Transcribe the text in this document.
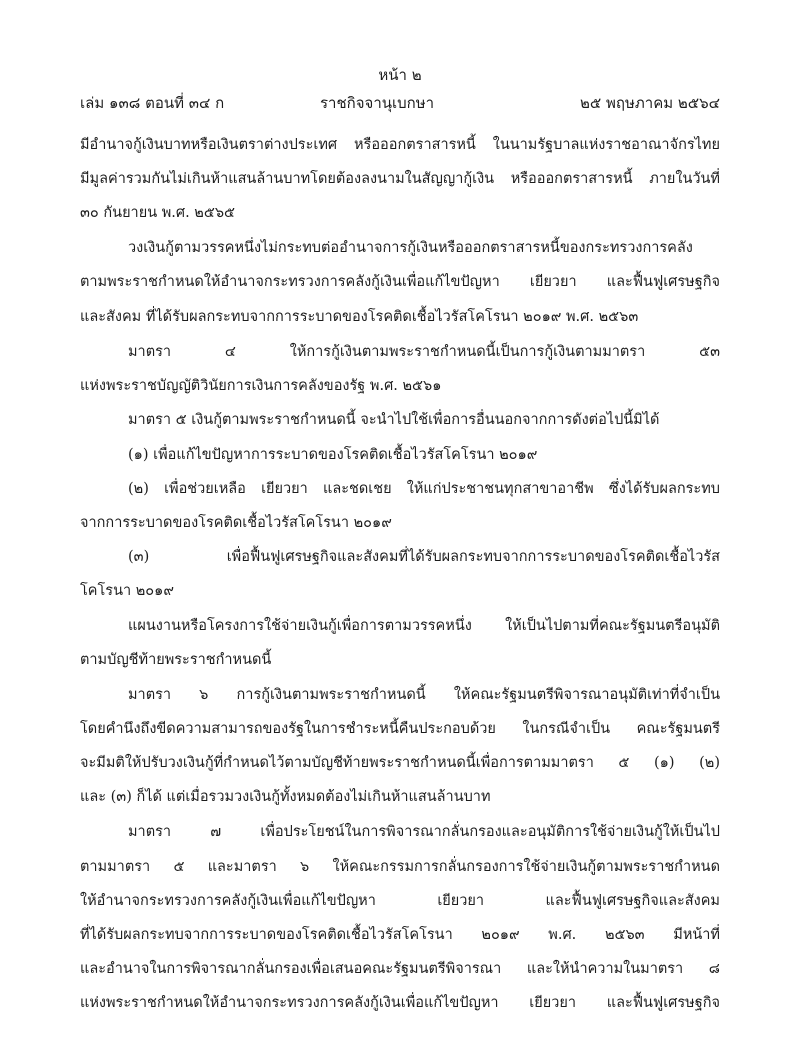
หน้า ๒
เล่ม ๑๓๘ ตอนที่ ๓๔ ก	ราชกิจจานุเบกษา	๒๕ พฤษภาคม ๒๕๖๔
มีอำนาจกู้เงินบาทหรือเงินตราต่างประเทศ หรือออกตราสารหนี้ ในนามรัฐบาลแห่งราชอาณาจักรไทย
มีมูลค่ารวมกันไม่เกินห้าแสนล้านบาทโดยต้องลงนามในสัญญากู้เงิน หรือออกตราสารหนี้ ภายในวันที่
๓๐ กันยายน พ.ศ. ๒๕๖๕
วงเงินกู้ตามวรรคหนึ่งไม่กระทบต่ออำนาจการกู้เงินหรือออกตราสารหนี้ของกระทรวงการคลัง
ตามพระราชกำหนดให้อำนาจกระทรวงการคลังกู้เงินเพื่อแก้ไขปัญหา เยียวยา และฟื้นฟูเศรษฐกิจ
และสังคม ที่ได้รับผลกระทบจากการระบาดของโรคติดเชื้อไวรัสโคโรนา ๒๐๑๙ พ.ศ. ๒๕๖๓
มาตรา ๔ ให้การกู้เงินตามพระราชกำหนดนี้เป็นการกู้เงินตามมาตรา ๕๓
แห่งพระราชบัญญัติวินัยการเงินการคลังของรัฐ พ.ศ. ๒๕๖๑
มาตรา ๕ เงินกู้ตามพระราชกำหนดนี้ จะนำไปใช้เพื่อการอื่นนอกจากการดังต่อไปนี้มิได้
(๑) เพื่อแก้ไขปัญหาการระบาดของโรคติดเชื้อไวรัสโคโรนา ๒๐๑๙
(๒) เพื่อช่วยเหลือ เยียวยา และชดเชย ให้แก่ประชาชนทุกสาขาอาชีพ ซึ่งได้รับผลกระทบ
จากการระบาดของโรคติดเชื้อไวรัสโคโรนา ๒๐๑๙
(๓) เพื่อฟื้นฟูเศรษฐกิจและสังคมที่ได้รับผลกระทบจากการระบาดของโรคติดเชื้อไวรัส
โคโรนา ๒๐๑๙
แผนงานหรือโครงการใช้จ่ายเงินกู้เพื่อการตามวรรคหนึ่ง ให้เป็นไปตามที่คณะรัฐมนตรีอนุมัติ
ตามบัญชีท้ายพระราชกำหนดนี้
มาตรา ๖ การกู้เงินตามพระราชกำหนดนี้ ให้คณะรัฐมนตรีพิจารณาอนุมัติเท่าที่จำเป็น
โดยคำนึงถึงขีดความสามารถของรัฐในการชำระหนี้คืนประกอบด้วย ในกรณีจำเป็น คณะรัฐมนตรี
จะมีมติให้ปรับวงเงินกู้ที่กำหนดไว้ตามบัญชีท้ายพระราชกำหนดนี้เพื่อการตามมาตรา ๕ (๑) (๒)
และ (๓) ก็ได้ แต่เมื่อรวมวงเงินกู้ทั้งหมดต้องไม่เกินห้าแสนล้านบาท
มาตรา ๗ เพื่อประโยชน์ในการพิจารณากลั่นกรองและอนุมัติการใช้จ่ายเงินกู้ให้เป็นไป
ตามมาตรา ๕ และมาตรา ๖ ให้คณะกรรมการกลั่นกรองการใช้จ่ายเงินกู้ตามพระราชกำหนด
ให้อำนาจกระทรวงการคลังกู้เงินเพื่อแก้ไขปัญหา เยียวยา และฟื้นฟูเศรษฐกิจและสังคม
ที่ได้รับผลกระทบจากการระบาดของโรคติดเชื้อไวรัสโคโรนา ๒๐๑๙ พ.ศ. ๒๕๖๓ มีหน้าที่
และอำนาจในการพิจารณากลั่นกรองเพื่อเสนอคณะรัฐมนตรีพิจารณา และให้นำความในมาตรา ๘
แห่งพระราชกำหนดให้อำนาจกระทรวงการคลังกู้เงินเพื่อแก้ไขปัญหา เยียวยา และฟื้นฟูเศรษฐกิจ
